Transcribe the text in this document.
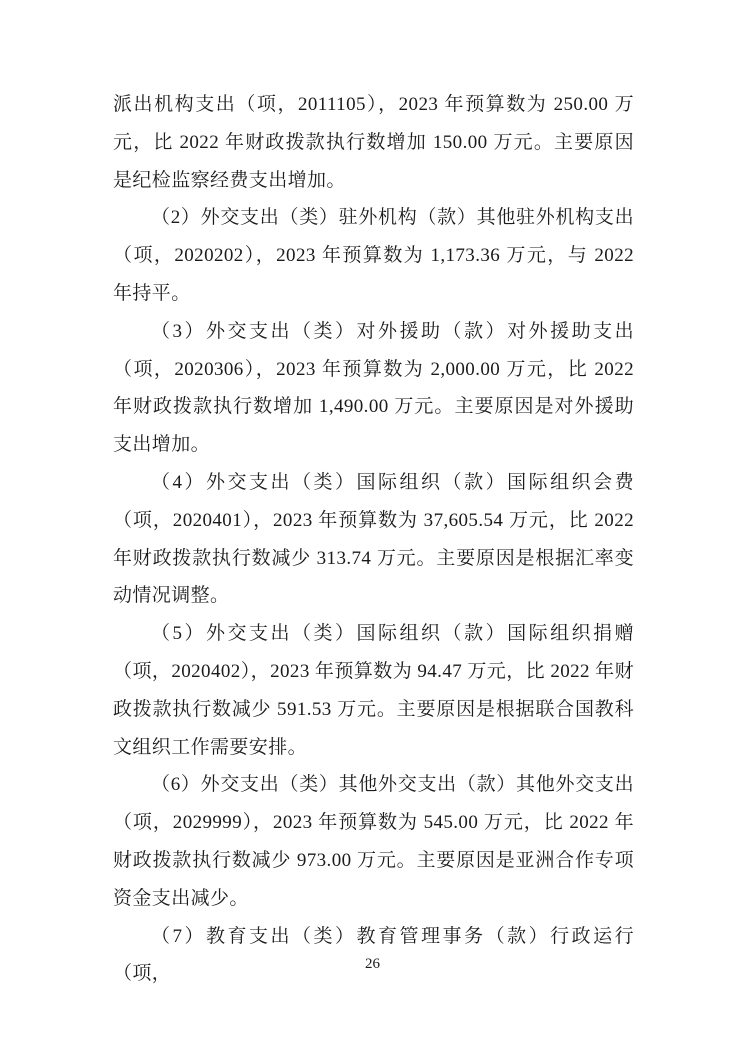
派出机构支出（项，2011105），2023 年预算数为 250.00 万元，比 2022 年财政拨款执行数增加 150.00 万元。主要原因是纪检监察经费支出增加。

（2）外交支出（类）驻外机构（款）其他驻外机构支出（项，2020202），2023 年预算数为 1,173.36 万元，与 2022 年持平。

（3）外交支出（类）对外援助（款）对外援助支出（项，2020306），2023 年预算数为 2,000.00 万元，比 2022 年财政拨款执行数增加 1,490.00 万元。主要原因是对外援助支出增加。

（4）外交支出（类）国际组织（款）国际组织会费（项，2020401），2023 年预算数为 37,605.54 万元，比 2022 年财政拨款执行数减少 313.74 万元。主要原因是根据汇率变动情况调整。

（5）外交支出（类）国际组织（款）国际组织捐赠（项，2020402），2023 年预算数为 94.47 万元，比 2022 年财政拨款执行数减少 591.53 万元。主要原因是根据联合国教科文组织工作需要安排。

（6）外交支出（类）其他外交支出（款）其他外交支出（项，2029999），2023 年预算数为 545.00 万元，比 2022 年财政拨款执行数减少 973.00 万元。主要原因是亚洲合作专项资金支出减少。

（7）教育支出（类）教育管理事务（款）行政运行（项，	26
